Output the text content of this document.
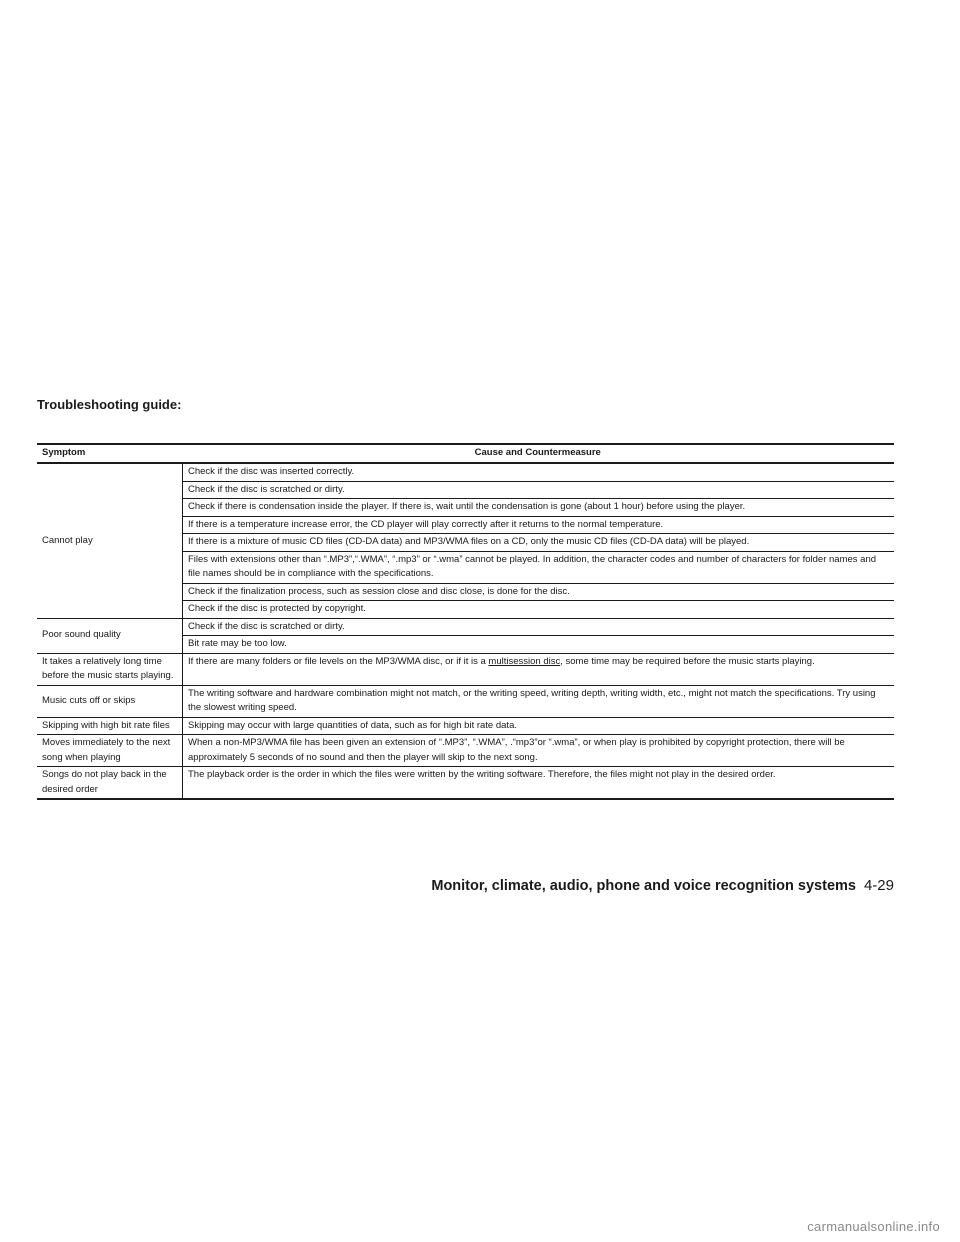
Troubleshooting guide:
Symptom	Cause and Countermeasure
Cannot play	Check if the disc was inserted correctly.
	Check if the disc is scratched or dirty.
	Check if there is condensation inside the player. If there is, wait until the condensation is gone (about 1 hour) before using the player.
	If there is a temperature increase error, the CD player will play correctly after it returns to the normal temperature.
	If there is a mixture of music CD files (CD-DA data) and MP3/WMA files on a CD, only the music CD files (CD-DA data) will be played.
	Files with extensions other than “.MP3”,“.WMA”, “.mp3” or “.wma” cannot be played. In addition, the character codes and number of characters for folder names and file names should be in compliance with the specifications.
	Check if the finalization process, such as session close and disc close, is done for the disc.
	Check if the disc is protected by copyright.
Poor sound quality	Check if the disc is scratched or dirty.
	Bit rate may be too low.
It takes a relatively long time before the music starts playing.	If there are many folders or file levels on the MP3/WMA disc, or if it is a multisession disc, some time may be required before the music starts playing.
Music cuts off or skips	The writing software and hardware combination might not match, or the writing speed, writing depth, writing width, etc., might not match the specifications. Try using the slowest writing speed.
Skipping with high bit rate files	Skipping may occur with large quantities of data, such as for high bit rate data.
Moves immediately to the next song when playing	When a non-MP3/WMA file has been given an extension of “.MP3”, “.WMA”, .“mp3”or “.wma”, or when play is prohibited by copyright protection, there will be approximately 5 seconds of no sound and then the player will skip to the next song.
Songs do not play back in the desired order	The playback order is the order in which the files were written by the writing software. Therefore, the files might not play in the desired order.
Monitor, climate, audio, phone and voice recognition systems 4-29
carmanualsonline.info
